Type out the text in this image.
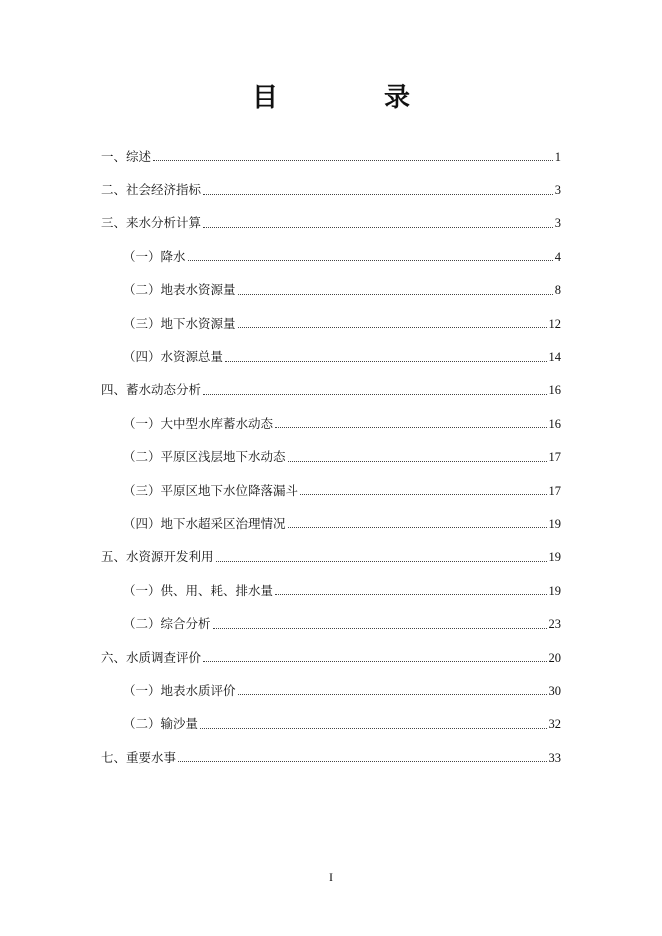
目　录
一、综述	1
二、社会经济指标	3
三、来水分析计算	3
（一）降水	4
（二）地表水资源量	8
（三）地下水资源量	12
（四）水资源总量	14
四、蓄水动态分析	16
（一）大中型水库蓄水动态	16
（二）平原区浅层地下水动态	17
（三）平原区地下水位降落漏斗	17
（四）地下水超采区治理情况	19
五、水资源开发利用	19
（一）供、用、耗、排水量	19
（二）综合分析	23
六、水质调查评价	20
（一）地表水质评价	30
（二）输沙量	32
七、重要水事	33
I
